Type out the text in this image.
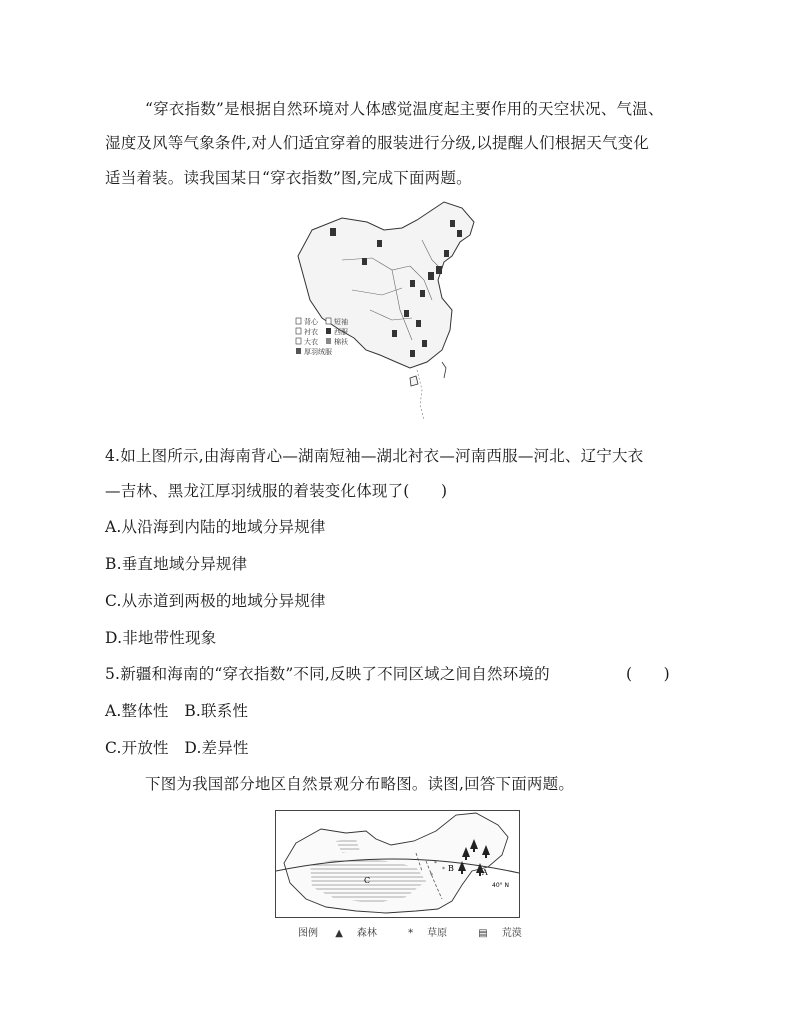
“穿衣指数”是根据自然环境对人体感觉温度起主要作用的天空状况、气温、
湿度及风等气象条件,对人们适宜穿着的服装进行分级,以提醒人们根据天气变化
适当着装。读我国某日“穿衣指数”图,完成下面两题。
背心 短袖
衬衣 西服
大衣 棉袄
厚羽绒服
4.如上图所示,由海南背心—湖南短袖—湖北衬衣—河南西服—河北、辽宁大衣
—吉林、黑龙江厚羽绒服的着装变化体现了(　　)
A.从沿海到内陆的地域分异规律
B.垂直地域分异规律
C.从赤道到两极的地域分异规律
D.非地带性现象
5.新疆和海南的“穿衣指数”不同,反映了不同区域之间自然环境的	(　　)
A.整体性　B.联系性
C.开放性　D.差异性
下图为我国部分地区自然景观分布略图。读图,回答下面两题。
*
*
*
B	A
C
40° N
图例 ▲ 森林	* 草原	▤ 荒漠
